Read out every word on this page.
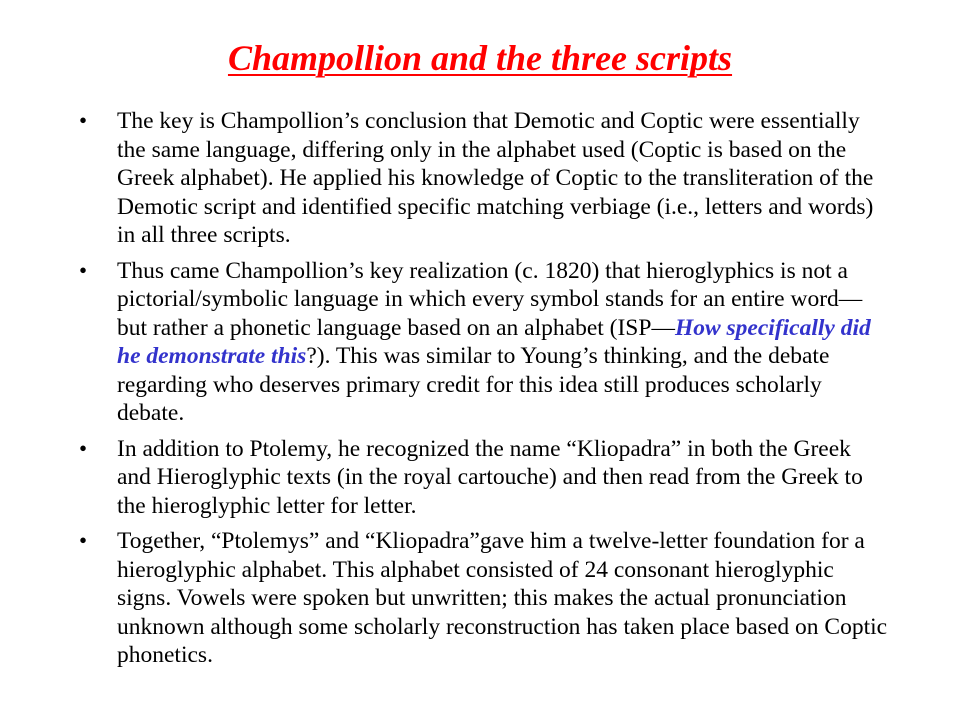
Champollion and the three scripts
• The key is Champollion’s conclusion that Demotic and Coptic were essentially the same language, differing only in the alphabet used (Coptic is based on the Greek alphabet). He applied his knowledge of Coptic to the transliteration of the Demotic script and identified specific matching verbiage (i.e., letters and words) in all three scripts.
• Thus came Champollion’s key realization (c. 1820) that hieroglyphics is not a pictorial/symbolic language in which every symbol stands for an entire word—but rather a phonetic language based on an alphabet (ISP—How specifically did he demonstrate this?). This was similar to Young’s thinking, and the debate regarding who deserves primary credit for this idea still produces scholarly debate.
• In addition to Ptolemy, he recognized the name “Kliopadra” in both the Greek and Hieroglyphic texts (in the royal cartouche) and then read from the Greek to the hieroglyphic letter for letter.
• Together, “Ptolemys” and “Kliopadra”gave him a twelve-letter foundation for a hieroglyphic alphabet. This alphabet consisted of 24 consonant hieroglyphic signs. Vowels were spoken but unwritten; this makes the actual pronunciation unknown although some scholarly reconstruction has taken place based on Coptic phonetics.
